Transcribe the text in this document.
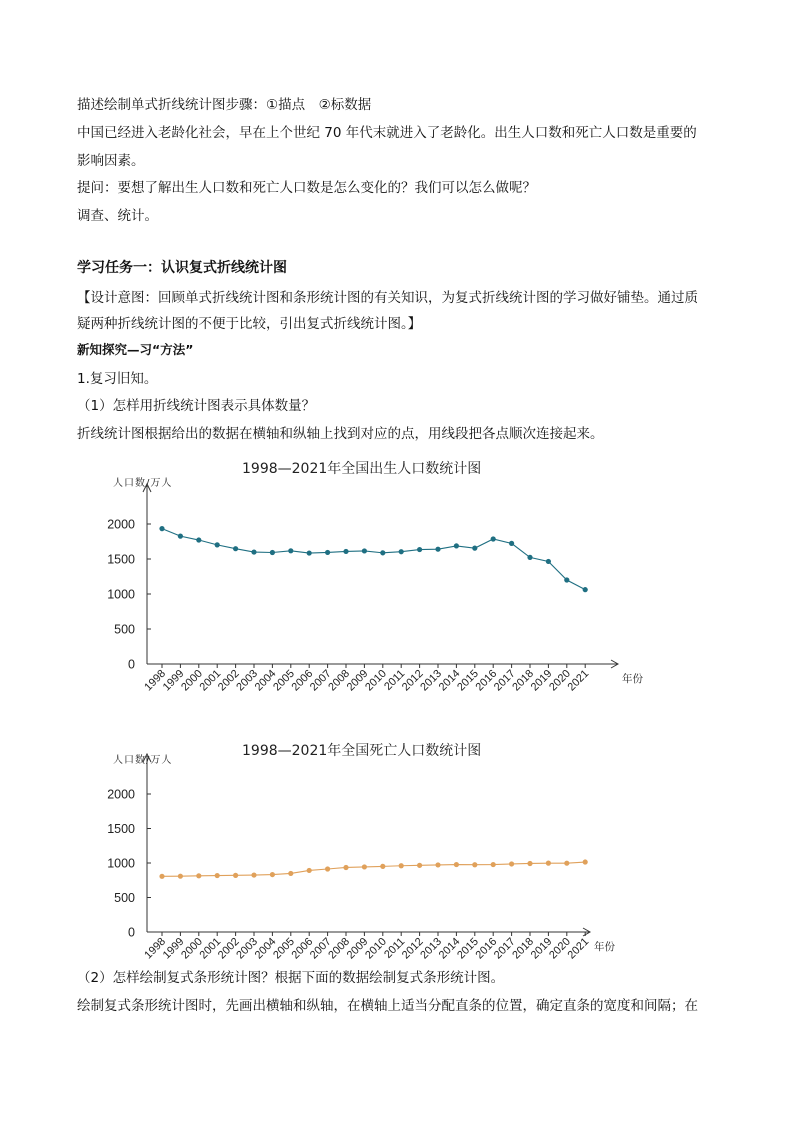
描述绘制单式折线统计图步骤：①描点　②标数据
中国已经进入老龄化社会，早在上个世纪 70 年代末就进入了老龄化。出生人口数和死亡人口数是重要的
影响因素。
提问：要想了解出生人口数和死亡人口数是怎么变化的？我们可以怎么做呢？
调查、统计。
学习任务一：认识复式折线统计图
【设计意图：回顾单式折线统计图和条形统计图的有关知识，为复式折线统计图的学习做好铺垫。通过质
疑两种折线统计图的不便于比较，引出复式折线统计图。】
新知探究—习“方法”
1.复习旧知。
（1）怎样用折线统计图表示具体数量？
折线统计图根据给出的数据在横轴和纵轴上找到对应的点，用线段把各点顺次连接起来。
1998—2021年全国出生人口数统计图
人口数/万人
0
500
1000
1500
2000
1998
1999
2000
2001
2002
2003
2004
2005
2006
2007
2008
2009
2010
2011
2012
2013
2014
2015
2016
2017
2018
2019
2020
2021	年份
1998—2021年全国死亡人口数统计图
人口数/万人
0
500
1000
1500
2000
1998
1999
2000
2001
2002
2003
2004
2005
2006
2007
2008
2009
2010
2011
2012
2013
2014
2015
2016
2017
2018
2019
2020
2021 年份
（2）怎样绘制复式条形统计图？根据下面的数据绘制复式条形统计图。
绘制复式条形统计图时，先画出横轴和纵轴，在横轴上适当分配直条的位置，确定直条的宽度和间隔；在
